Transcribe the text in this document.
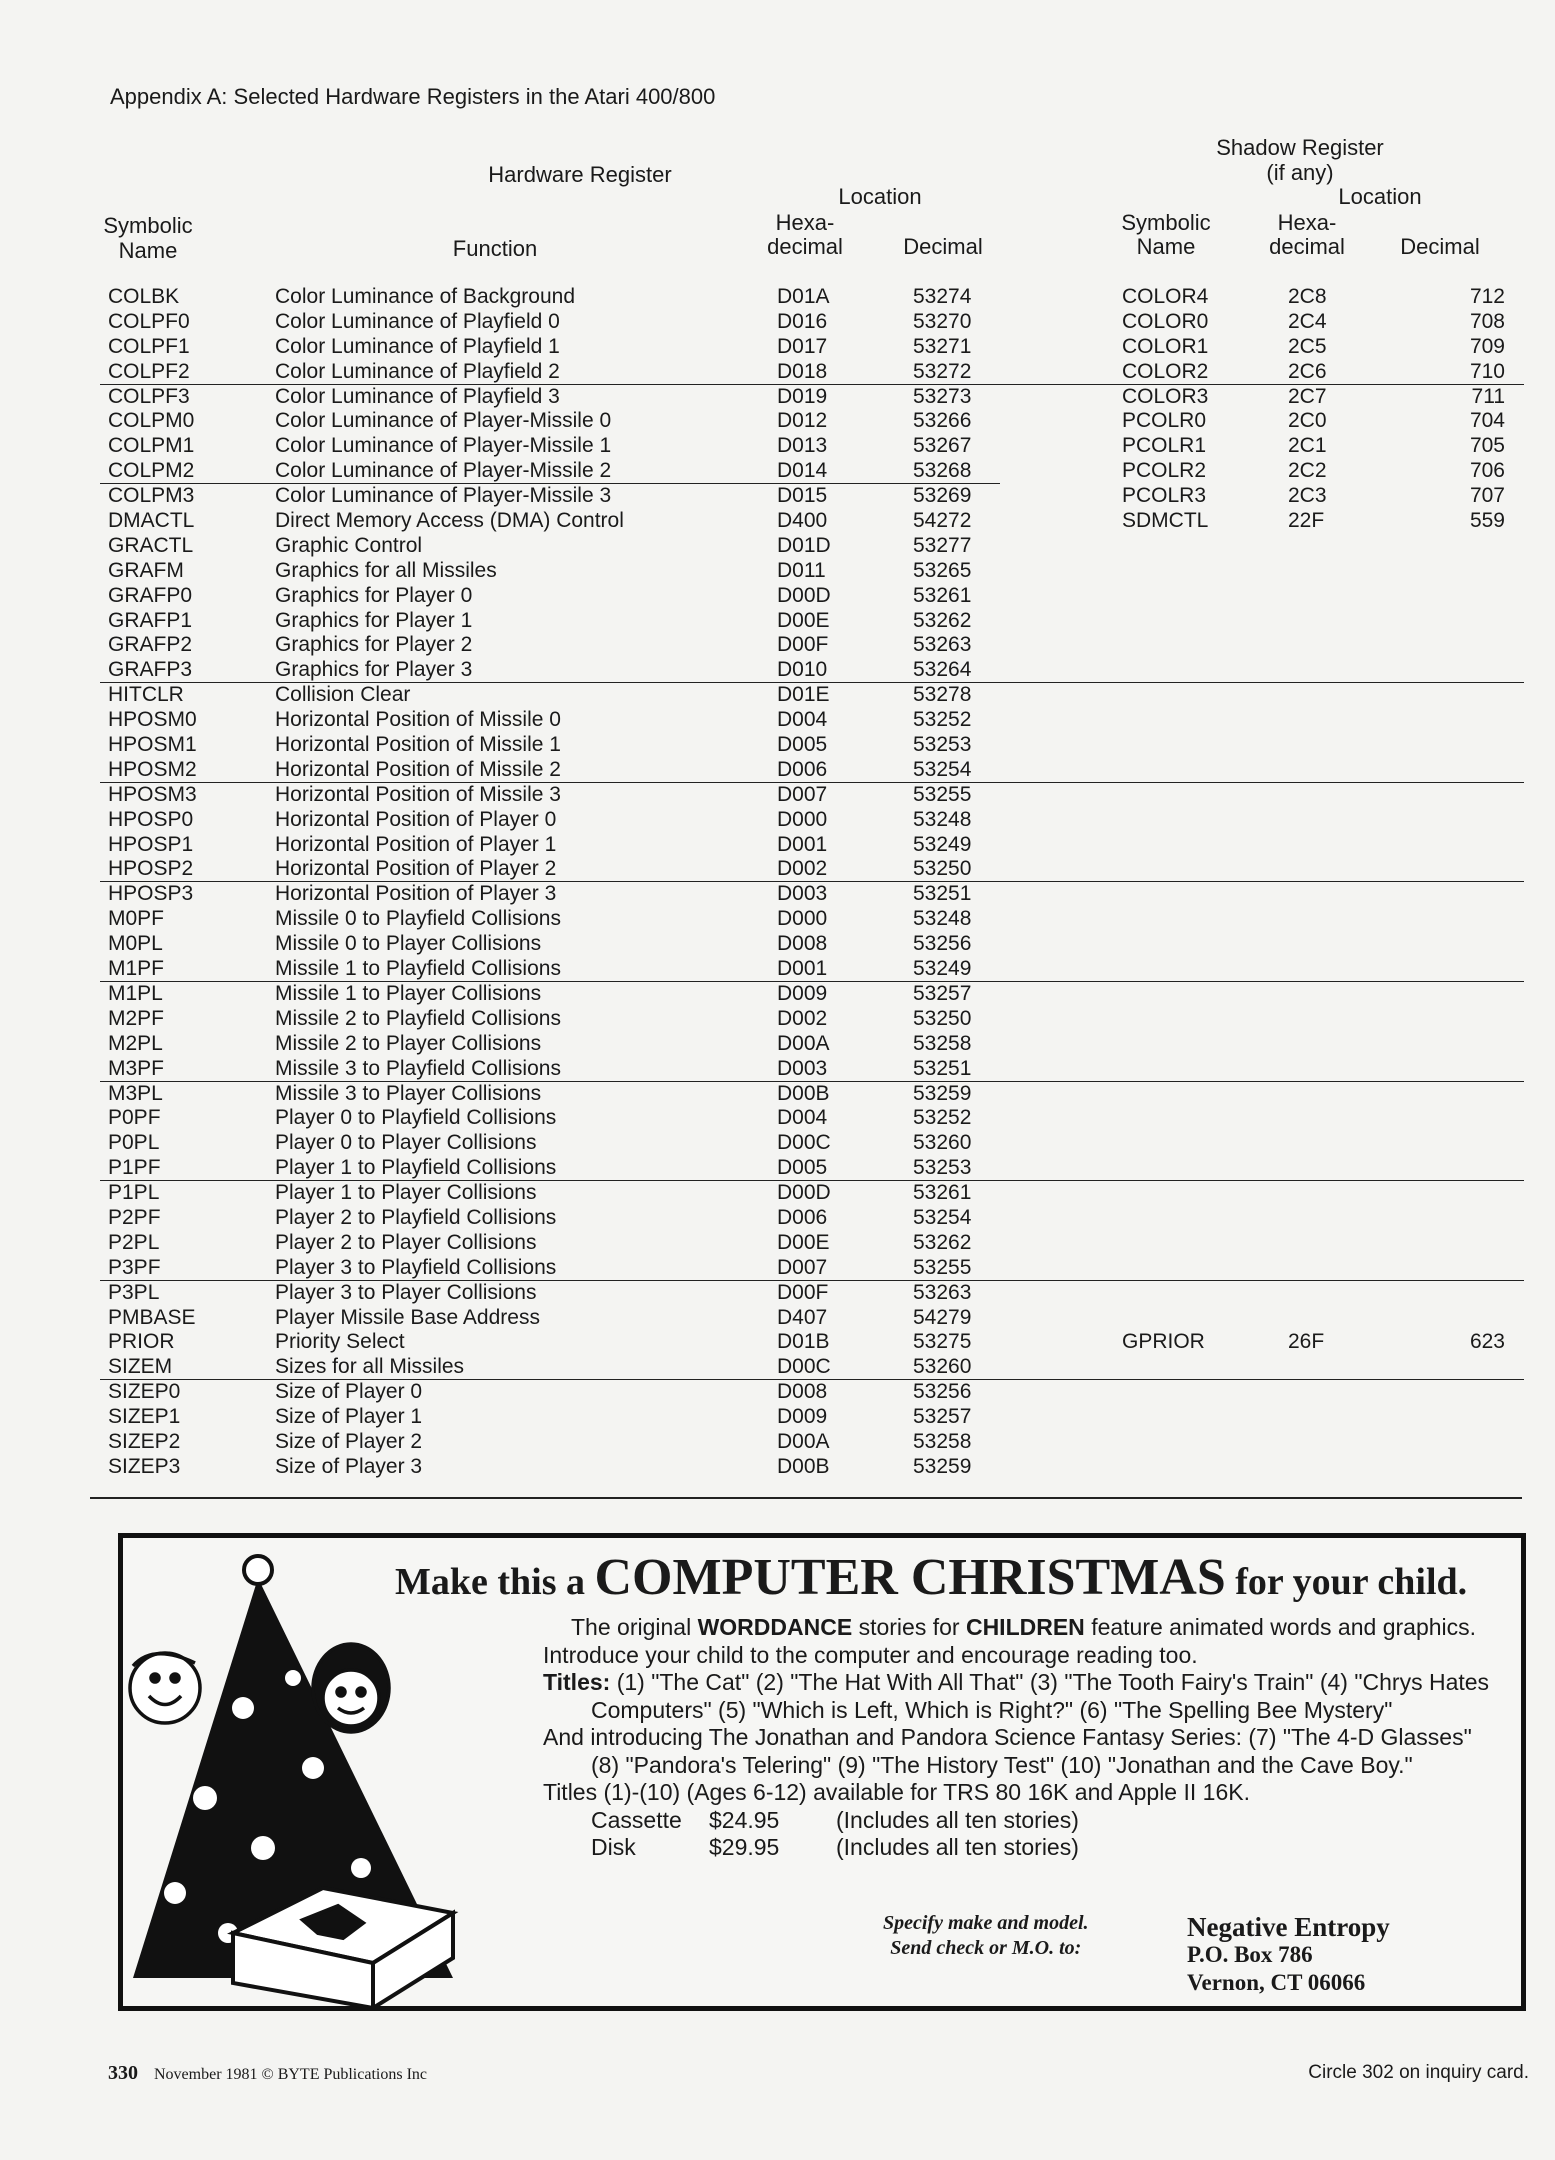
Appendix A: Selected Hardware Registers in the Atari 400/800
Hardware Register
Shadow Register
(if any)
Location	Location
Symbolic
Name	Function
Hexa-
decimal	Decimal
Symbolic
Name
Hexa-
decimal	Decimal
COLBK	Color Luminance of Background	D01A	53274	COLOR4	2C8	712
COLPF0	Color Luminance of Playfield 0	D016	53270	COLOR0	2C4	708
COLPF1	Color Luminance of Playfield 1	D017	53271	COLOR1	2C5	709
COLPF2	Color Luminance of Playfield 2	D018	53272	COLOR2	2C6	710
COLPF3	Color Luminance of Playfield 3	D019	53273	COLOR3	2C7	711
COLPM0	Color Luminance of Player-Missile 0	D012	53266	PCOLR0	2C0	704
COLPM1	Color Luminance of Player-Missile 1	D013	53267	PCOLR1	2C1	705
COLPM2	Color Luminance of Player-Missile 2	D014	53268	PCOLR2	2C2	706
COLPM3	Color Luminance of Player-Missile 3	D015	53269	PCOLR3	2C3	707
DMACTL	Direct Memory Access (DMA) Control	D400	54272	SDMCTL	22F	559
GRACTL	Graphic Control	D01D	53277
GRAFM	Graphics for all Missiles	D011	53265
GRAFP0	Graphics for Player 0	D00D	53261
GRAFP1	Graphics for Player 1	D00E	53262
GRAFP2	Graphics for Player 2	D00F	53263
GRAFP3	Graphics for Player 3	D010	53264
HITCLR	Collision Clear	D01E	53278
HPOSM0	Horizontal Position of Missile 0	D004	53252
HPOSM1	Horizontal Position of Missile 1	D005	53253
HPOSM2	Horizontal Position of Missile 2	D006	53254
HPOSM3	Horizontal Position of Missile 3	D007	53255
HPOSP0	Horizontal Position of Player 0	D000	53248
HPOSP1	Horizontal Position of Player 1	D001	53249
HPOSP2	Horizontal Position of Player 2	D002	53250
HPOSP3	Horizontal Position of Player 3	D003	53251
M0PF	Missile 0 to Playfield Collisions	D000	53248
M0PL	Missile 0 to Player Collisions	D008	53256
M1PF	Missile 1 to Playfield Collisions	D001	53249
M1PL	Missile 1 to Player Collisions	D009	53257
M2PF	Missile 2 to Playfield Collisions	D002	53250
M2PL	Missile 2 to Player Collisions	D00A	53258
M3PF	Missile 3 to Playfield Collisions	D003	53251
M3PL	Missile 3 to Player Collisions	D00B	53259
P0PF	Player 0 to Playfield Collisions	D004	53252
P0PL	Player 0 to Player Collisions	D00C	53260
P1PF	Player 1 to Playfield Collisions	D005	53253
P1PL	Player 1 to Player Collisions	D00D	53261
P2PF	Player 2 to Playfield Collisions	D006	53254
P2PL	Player 2 to Player Collisions	D00E	53262
P3PF	Player 3 to Playfield Collisions	D007	53255
P3PL	Player 3 to Player Collisions	D00F	53263
PMBASE	Player Missile Base Address	D407	54279
PRIOR	Priority Select	D01B	53275	GPRIOR	26F	623
SIZEM	Sizes for all Missiles	D00C	53260
SIZEP0	Size of Player 0	D008	53256
SIZEP1	Size of Player 1	D009	53257
SIZEP2	Size of Player 2	D00A	53258
SIZEP3	Size of Player 3	D00B	53259
Make this a COMPUTER CHRISTMAS for your child.

The original WORDDANCE stories for CHILDREN feature animated words and graphics. Introduce your child to the computer and encourage reading too.

Titles: (1) "The Cat" (2) "The Hat With All That" (3) "The Tooth Fairy's Train" (4) "Chrys Hates Computers" (5) "Which is Left, Which is Right?" (6) "The Spelling Bee Mystery"

And introducing The Jonathan and Pandora Science Fantasy Series: (7) "The 4-D Glasses" (8) "Pandora's Telering" (9) "The History Test" (10) "Jonathan and the Cave Boy."

Titles (1)-(10) (Ages 6-12) available for TRS 80 16K and Apple II 16K.

Cassette $24.95 (Includes all ten stories)
Disk	$29.95 (Includes all ten stories)
Specify make and model.
Send check or M.O. to:
Negative Entropy
P.O. Box 786
Vernon, CT 06066
330 November 1981 © BYTE Publications Inc	Circle 302 on inquiry card.
